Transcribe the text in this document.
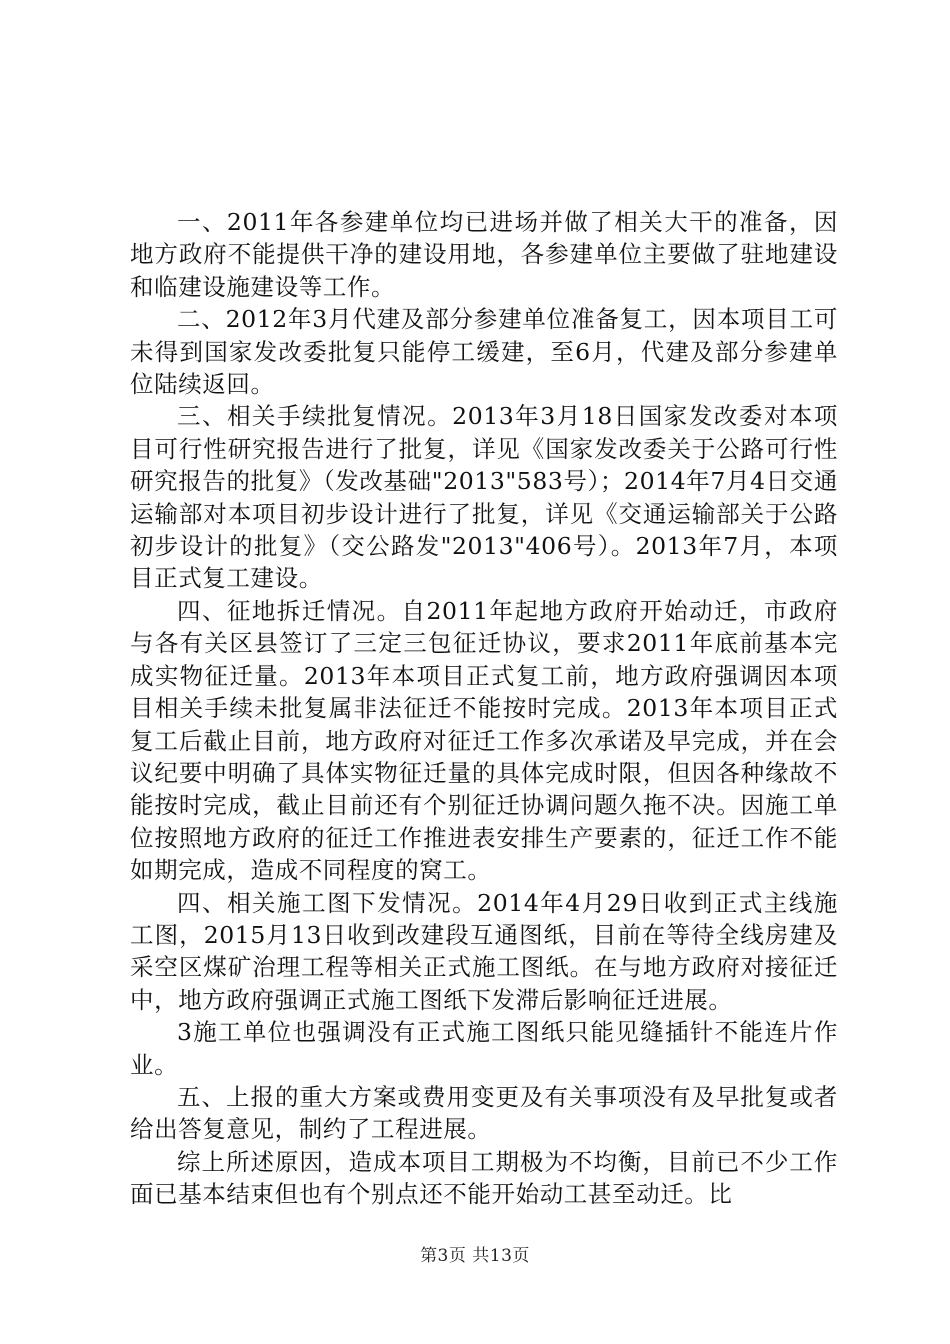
一、2011年各参建单位均已进场并做了相关大干的准备，因地方政府不能提供干净的建设用地，各参建单位主要做了驻地建设和临建设施建设等工作。

二、2012年3月代建及部分参建单位准备复工，因本项目工可未得到国家发改委批复只能停工缓建，至6月，代建及部分参建单位陆续返回。

三、相关手续批复情况。2013年3月18日国家发改委对本项目可行性研究报告进行了批复，详见《国家发改委关于公路可行性研究报告的批复》（发改基础"2013"583号）；2014年7月4日交通运输部对本项目初步设计进行了批复，详见《交通运输部关于公路初步设计的批复》（交公路发"2013"406号）。2013年7月，本项目正式复工建设。

四、征地拆迁情况。自2011年起地方政府开始动迁，市政府与各有关区县签订了三定三包征迁协议，要求2011年底前基本完成实物征迁量。2013年本项目正式复工前，地方政府强调因本项目相关手续未批复属非法征迁不能按时完成。2013年本项目正式复工后截止目前，地方政府对征迁工作多次承诺及早完成，并在会议纪要中明确了具体实物征迁量的具体完成时限，但因各种缘故不能按时完成，截止目前还有个别征迁协调问题久拖不决。因施工单位按照地方政府的征迁工作推进表安排生产要素的，征迁工作不能如期完成，造成不同程度的窝工。

四、相关施工图下发情况。2014年4月29日收到正式主线施工图，2015月13日收到改建段互通图纸，目前在等待全线房建及采空区煤矿治理工程等相关正式施工图纸。在与地方政府对接征迁中，地方政府强调正式施工图纸下发滞后影响征迁进展。

3施工单位也强调没有正式施工图纸只能见缝插针不能连片作业。

五、上报的重大方案或费用变更及有关事项没有及早批复或者给出答复意见，制约了工程进展。

综上所述原因，造成本项目工期极为不均衡，目前已不少工作面已基本结束但也有个别点还不能开始动工甚至动迁。比

第3页 共13页
